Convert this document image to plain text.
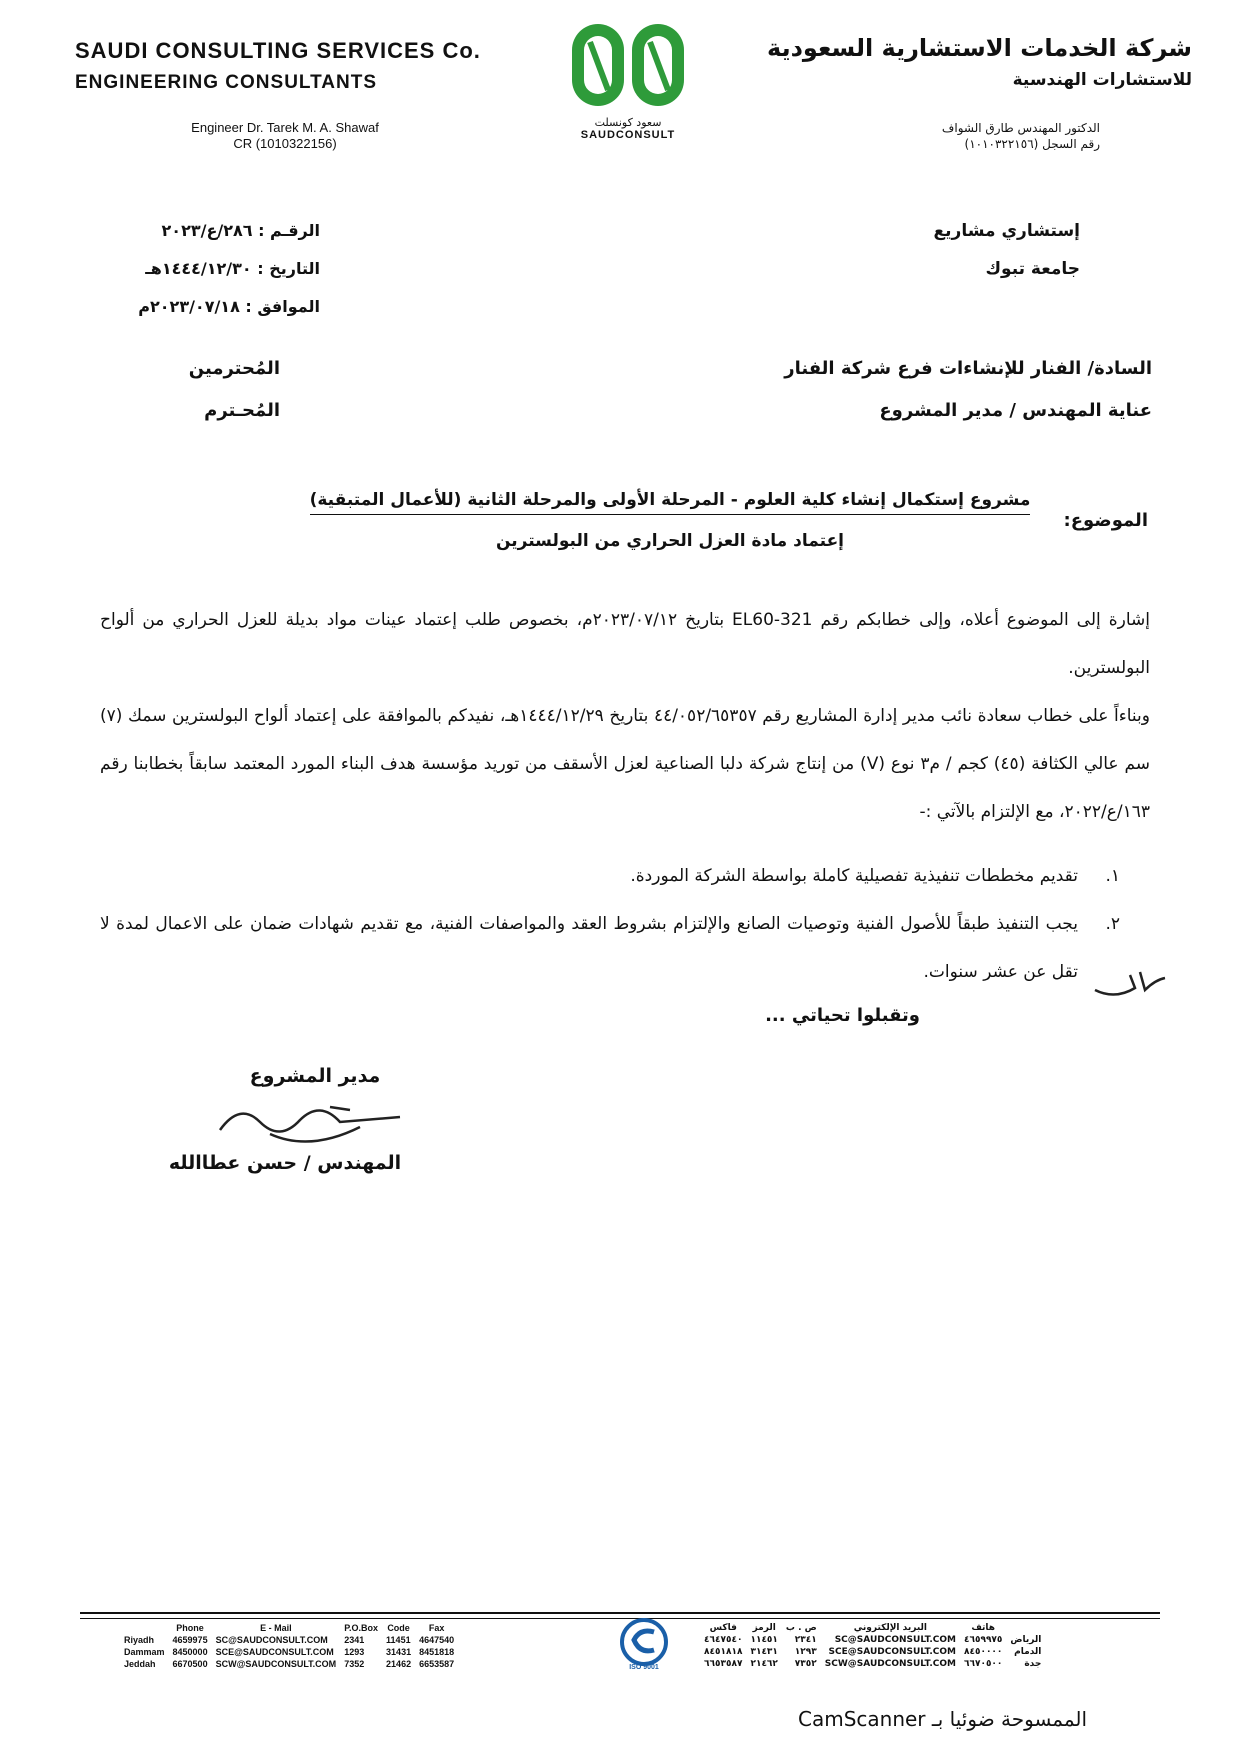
SAUDI CONSULTING SERVICES Co.
ENGINEERING CONSULTANTS
Engineer Dr. Tarek M. A. Shawaf
CR (1010322156)
سعود كونسلت
SAUDCONSULT
شركة الخدمات الاستشارية السعودية
للاستشارات الهندسية
الدكتور المهندس طارق الشواف
رقم السجل (١٠١٠٣٢٢١٥٦)
الرقـم : ٢٨٦/ع/٢٠٢٣
التاريخ : ١٤٤٤/١٢/٣٠هـ
الموافق : ٢٠٢٣/٠٧/١٨م
إستشاري مشاريع
جامعة تبوك
السادة/ الفنار للإنشاءات فرع شركة الفنار
عناية المهندس / مدير المشروع
المُحترمين
المُحـترم
الموضوع:
مشروع إستكمال إنشاء كلية العلوم - المرحلة الأولى والمرحلة الثانية (للأعمال المتبقية)
إعتماد مادة العزل الحراري من البولسترين

إشارة إلى الموضوع أعلاه، وإلى خطابكم رقم EL60-321 بتاريخ ٢٠٢٣/٠٧/١٢م، بخصوص طلب إعتماد عينات مواد بديلة للعزل الحراري من ألواح البولسترين.

وبناءاً على خطاب سعادة نائب مدير إدارة المشاريع رقم ٤٤/٠٥٢/٦٥٣٥٧ بتاريخ ١٤٤٤/١٢/٢٩هـ، نفيدكم بالموافقة على إعتماد ألواح البولسترين سمك (٧) سم عالي الكثافة (٤٥) كجم / م٣ نوع (V) من إنتاج شركة دلبا الصناعية لعزل الأسقف من توريد مؤسسة هدف البناء المورد المعتمد سابقاً بخطابنا رقم ١٦٣/ع/٢٠٢٢، مع الإلتزام بالآتي :-

١.
تقديم مخططات تنفيذية تفصيلية كاملة بواسطة الشركة الموردة.
٢.
يجب التنفيذ طبقاً للأصول الفنية وتوصيات الصانع والإلتزام بشروط العقد والمواصفات الفنية، مع تقديم شهادات ضمان على الاعمال لمدة لا تقل عن عشر سنوات.
وتقبلوا تحياتي ...
مدير المشروع
المهندس / حسن عطاالله
	Phone	E - Mail	P.O.Box	Code	Fax
Riyadh	4659975	SC@SAUDCONSULT.COM	2341	11451	4647540
Dammam	8450000	SCE@SAUDCONSULT.COM	1293	31431	8451818
Jeddah	6670500	SCW@SAUDCONSULT.COM	7352	21462	6653587	ISO 9001
	هاتف	البريد الإلكتروني	ص . ب	الرمز	فاكس
الرياض	٤٦٥٩٩٧٥	SC@SAUDCONSULT.COM	٢٣٤١	١١٤٥١	٤٦٤٧٥٤٠
الدمام	٨٤٥٠٠٠٠	SCE@SAUDCONSULT.COM	١٢٩٣	٣١٤٣١	٨٤٥١٨١٨
جدة	٦٦٧٠٥٠٠	SCW@SAUDCONSULT.COM	٧٣٥٢	٢١٤٦٢	٦٦٥٣٥٨٧
الممسوحة ضوئيا بـ CamScanner
